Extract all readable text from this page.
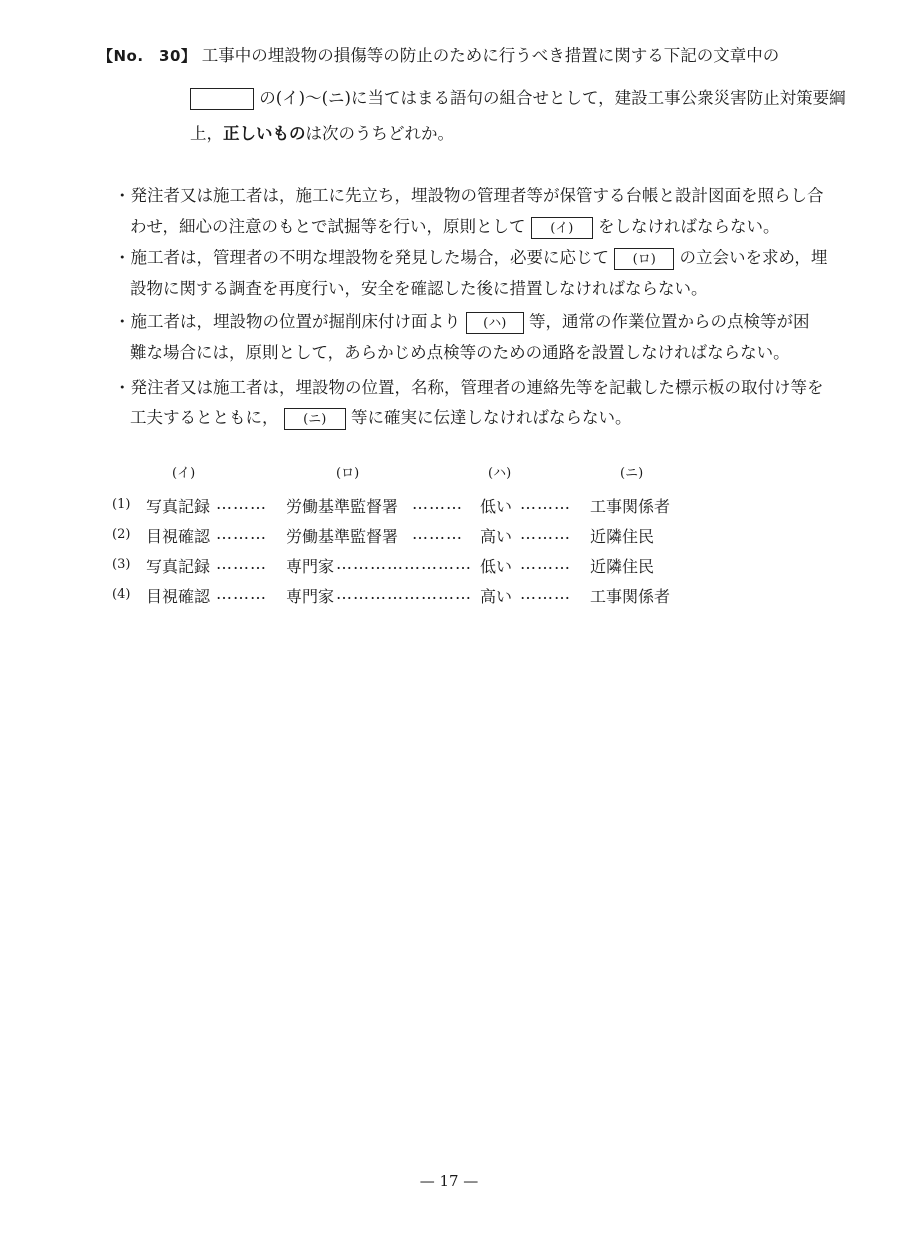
【No.　30】 工事中の埋設物の損傷等の防止のために行うべき措置に関する下記の文章中の
の(イ)〜(ニ)に当てはまる語句の組合せとして，建設工事公衆災害防止対策要綱
上，正しいものは次のうちどれか。
・発注者又は施工者は，施工に先立ち，埋設物の管理者等が保管する台帳と設計図面を照らし合
わせ，細心の注意のもとで試掘等を行い，原則として (イ) をしなければならない。
・施工者は，管理者の不明な埋設物を発見した場合，必要に応じて (ロ) の立会いを求め，埋
設物に関する調査を再度行い，安全を確認した後に措置しなければならない。
・施工者は，埋設物の位置が掘削床付け面より (ハ) 等，通常の作業位置からの点検等が困
難な場合には，原則として，あらかじめ点検等のための通路を設置しなければならない。
・発注者又は施工者は，埋設物の位置，名称，管理者の連絡先等を記載した標示板の取付け等を
工夫するとともに， (ニ) 等に確実に伝達しなければならない。
(イ)	(ロ)	(ハ)	(ニ)
(1) 写真記録 ……… 労働基準監督署 ……… 低い ……… 工事関係者
(2) 目視確認 ……… 労働基準監督署 ……… 高い ……… 近隣住民
(3) 写真記録 ……… 専門家 …………………… 低い ……… 近隣住民
(4) 目視確認 ……… 専門家 …………………… 高い ……… 工事関係者
— 17 —
